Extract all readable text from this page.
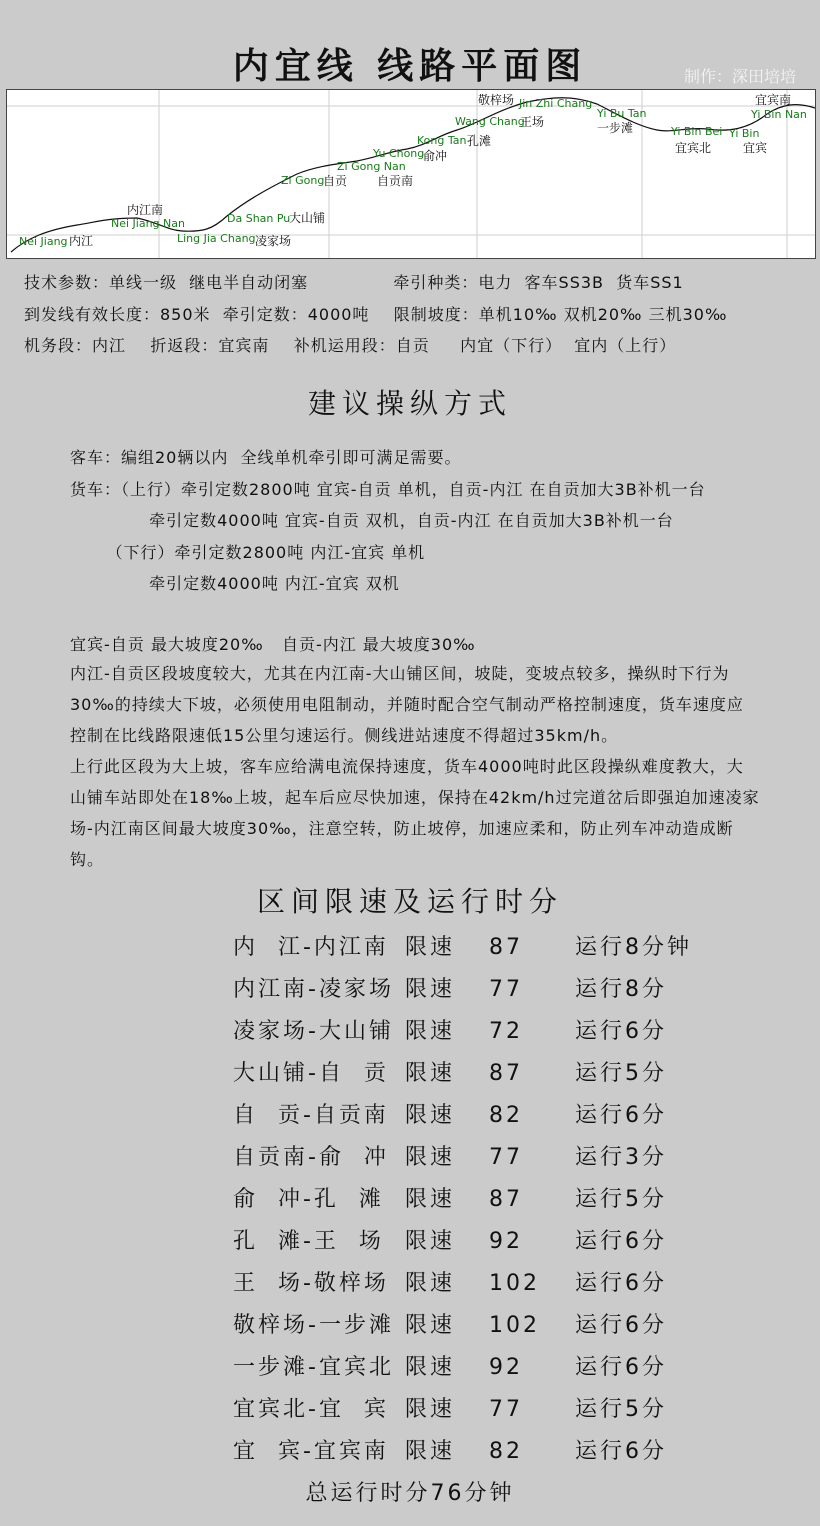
内宜线 线路平面图	制作：深田培培
Nei Jiang 内江
Nei Jiang Nan
内江南
Ling Jia Chang 凌家场
Da Shan Pu
大山铺
Zi Gong
自贡
Zi Gong Nan
自贡南
Yu Chong
俞冲
Kong Tan 孔滩
Wang Chang
王场
Jin Zhi Chang
敬梓场
Yi Bu Tan
一步滩	Yi Bin Bei
宜宾北
Yi Bin
宜宾
Yi Bin Nan
宜宾南
技术参数：单线一级  继电半自动闭塞              牵引种类：电力  客车SS3B  货车SS1
到发线有效长度：850米  牵引定数：4000吨    限制坡度：单机10‰ 双机20‰ 三机30‰
机务段：内江    折返段：宜宾南    补机运用段：自贡     内宜（下行）  宜内（上行）
建议操纵方式
客车：编组20辆以内  全线单机牵引即可满足需要。
货车：（上行）牵引定数2800吨 宜宾-自贡 单机，自贡-内江 在自贡加大3B补机一台
牵引定数4000吨 宜宾-自贡 双机，自贡-内江 在自贡加大3B补机一台
（下行）牵引定数2800吨 内江-宜宾 单机
牵引定数4000吨 内江-宜宾 双机
宜宾-自贡 最大坡度20‰   自贡-内江 最大坡度30‰

内江-自贡区段坡度较大，尤其在内江南-大山铺区间，坡陡，变坡点较多，操纵时下行为30‰的持续大下坡，必须使用电阻制动，并随时配合空气制动严格控制速度，货车速度应控制在比线路限速低15公里匀速运行。侧线进站速度不得超过35km/h。

上行此区段为大上坡，客车应给满电流保持速度，货车4000吨时此区段操纵难度教大，大山铺车站即处在18‰上坡，起车后应尽快加速，保持在42km/h过完道岔后即强迫加速凌家场-内江南区间最大坡度30‰，注意空转，防止坡停，加速应柔和，防止列车冲动造成断钩。

区间限速及运行时分
内  江-内江南 限速 87 运行8分钟
内江南-凌家场 限速 77 运行8分
凌家场-大山铺 限速 72 运行6分
大山铺-自  贡 限速 87 运行5分
自  贡-自贡南 限速 82 运行6分
自贡南-俞  冲 限速 77 运行3分
俞  冲-孔  滩 限速 87 运行5分
孔  滩-王  场 限速 92 运行6分
王  场-敬梓场 限速 102 运行6分
敬梓场-一步滩 限速 102 运行6分
一步滩-宜宾北 限速 92 运行6分
宜宾北-宜  宾 限速 77 运行5分
宜  宾-宜宾南 限速 82 运行6分
总运行时分76分钟
